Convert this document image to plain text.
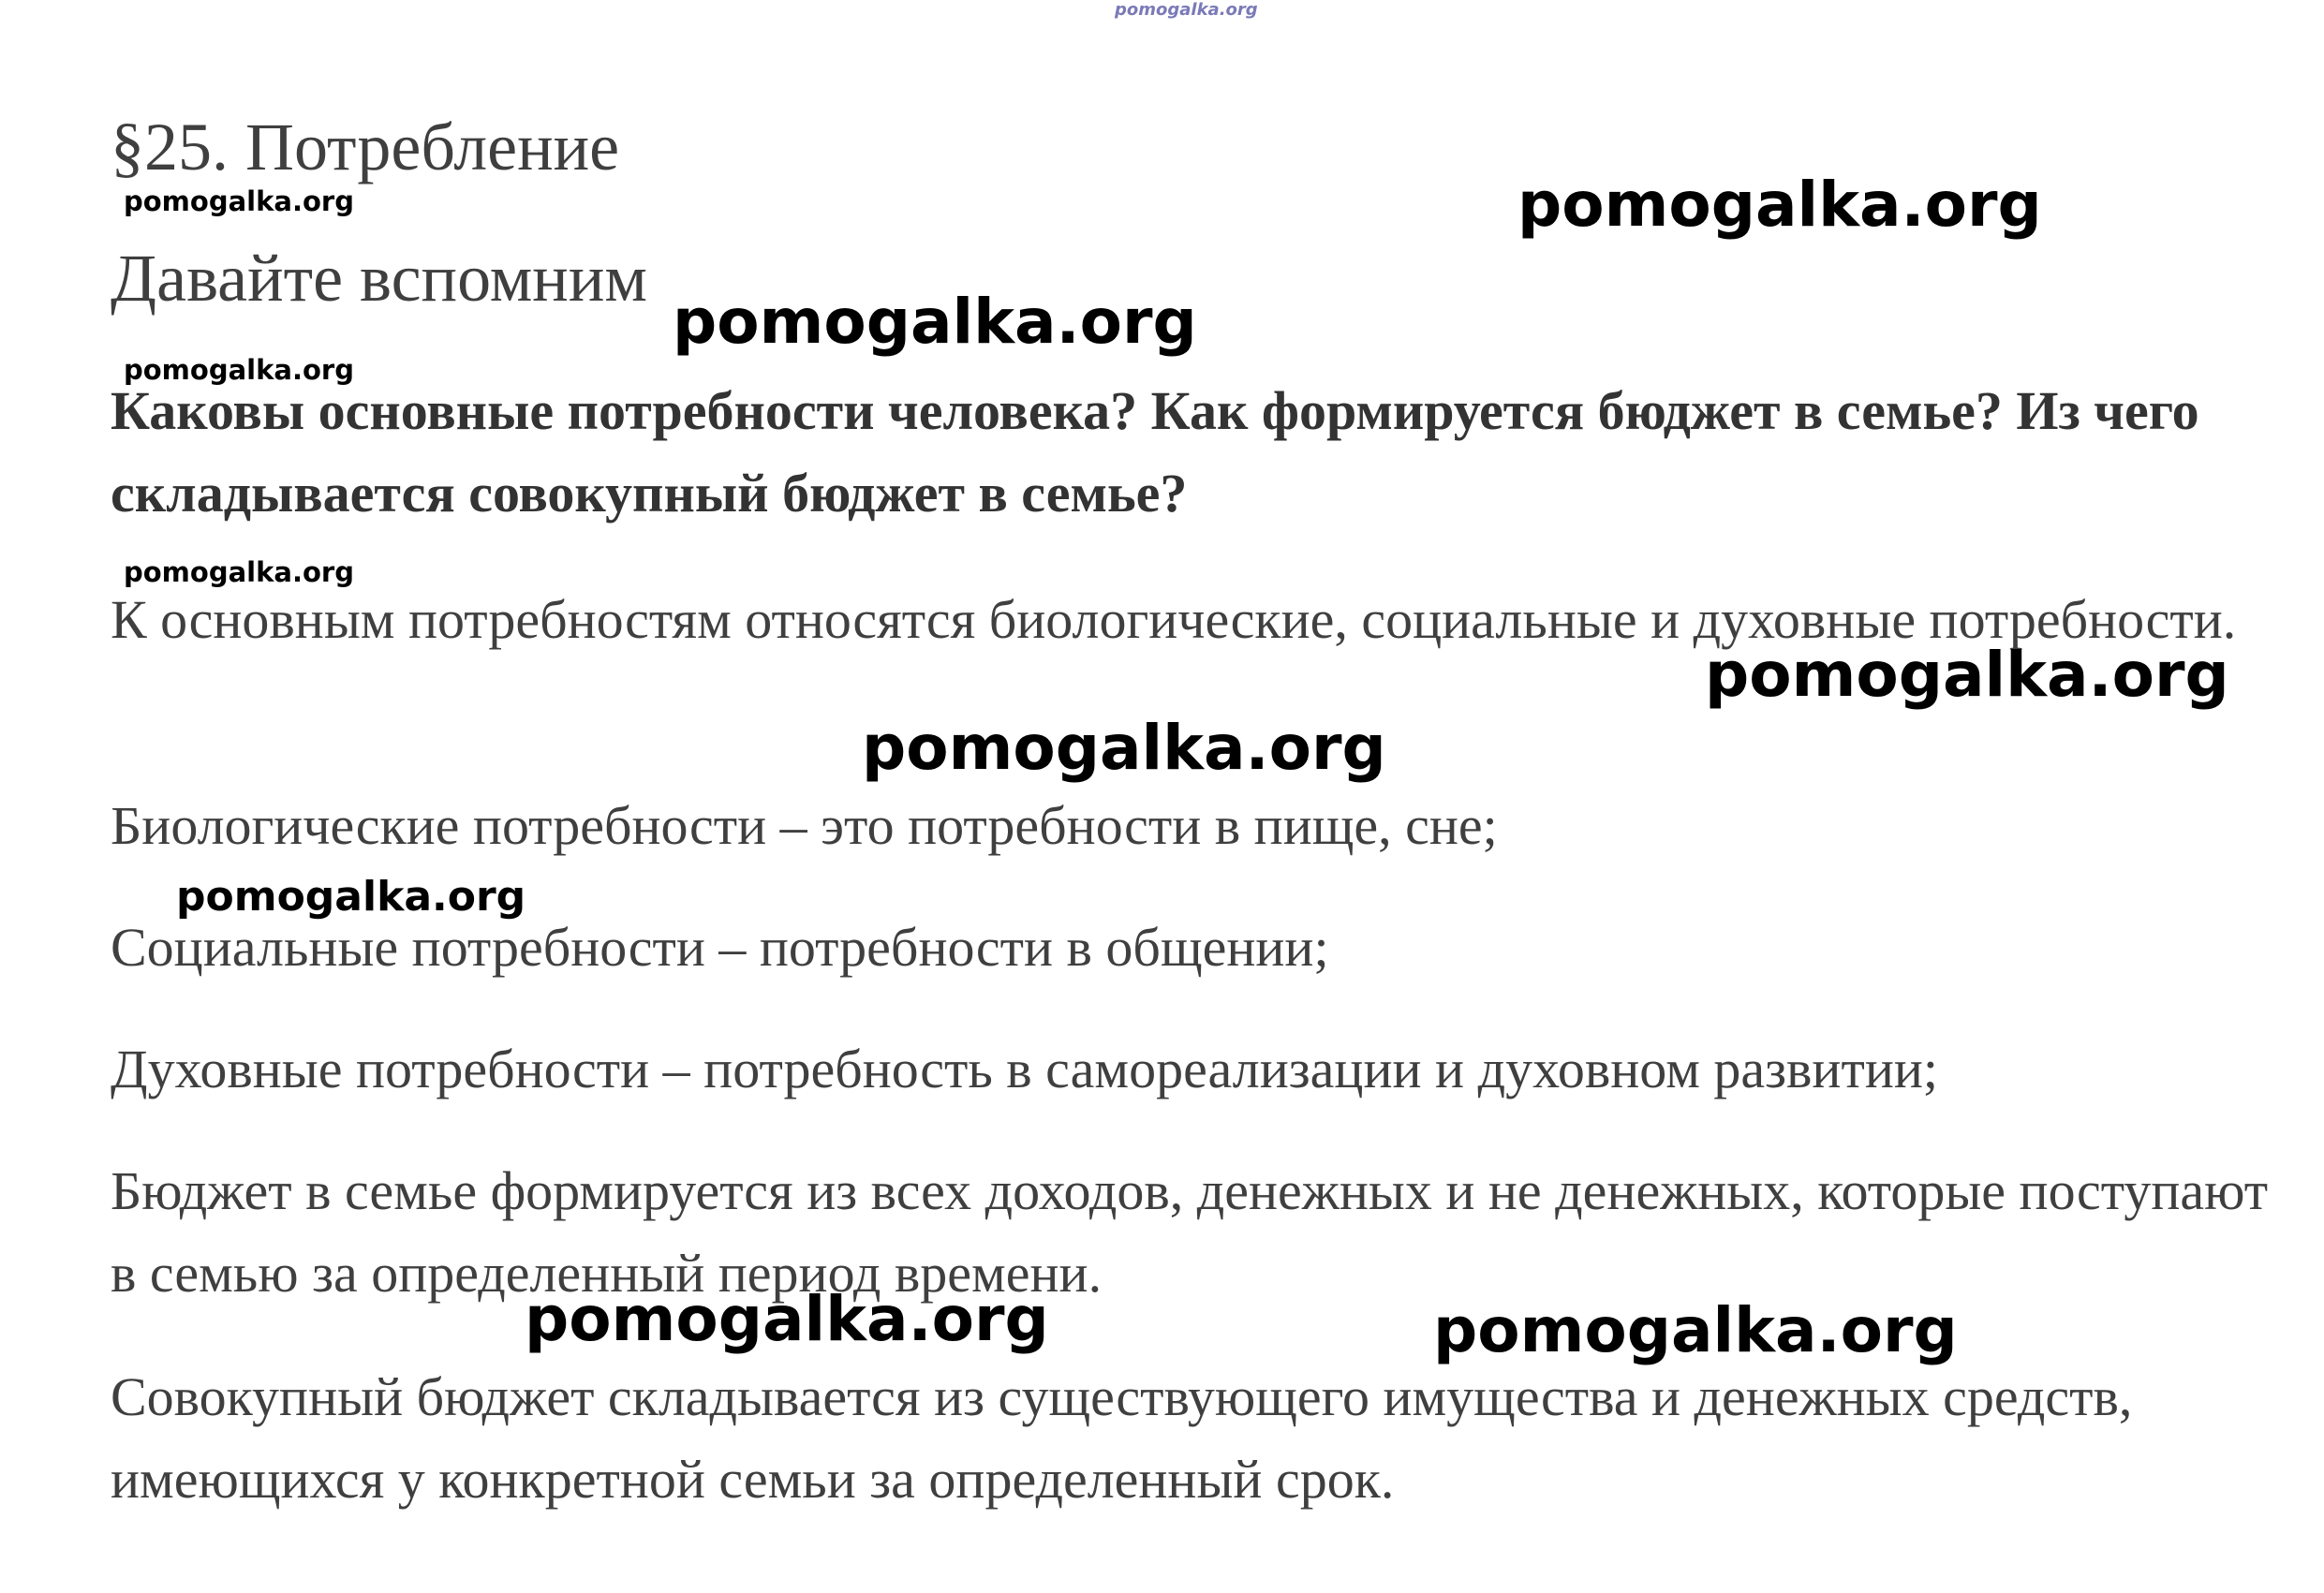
pomogalka.org
§25. Потребление
pomogalka.org	pomogalka.org
Давайте вспомним
pomogalka.org
pomogalka.org

Каковы основные потребности человека? Как формируется бюджет в семье? Из чего складывается совокупный бюджет в семье?

pomogalka.org

К основным потребностям относятся биологические, социальные и духовные потребности.

pomogalka.org
pomogalka.org

Биологические потребности – это потребности в пище, сне;

Социальные потребности – потребности в общении;

pomogalka.org

Духовные потребности – потребность в самореализации и духовном развитии;

Бюджет в семье формируется из всех доходов, денежных и не денежных, которые поступают в семью за определенный период времени.

pomogalka.org	pomogalka.org

Совокупный бюджет складывается из существующего имущества и денежных средств, имеющихся у конкретной семьи за определенный срок.
